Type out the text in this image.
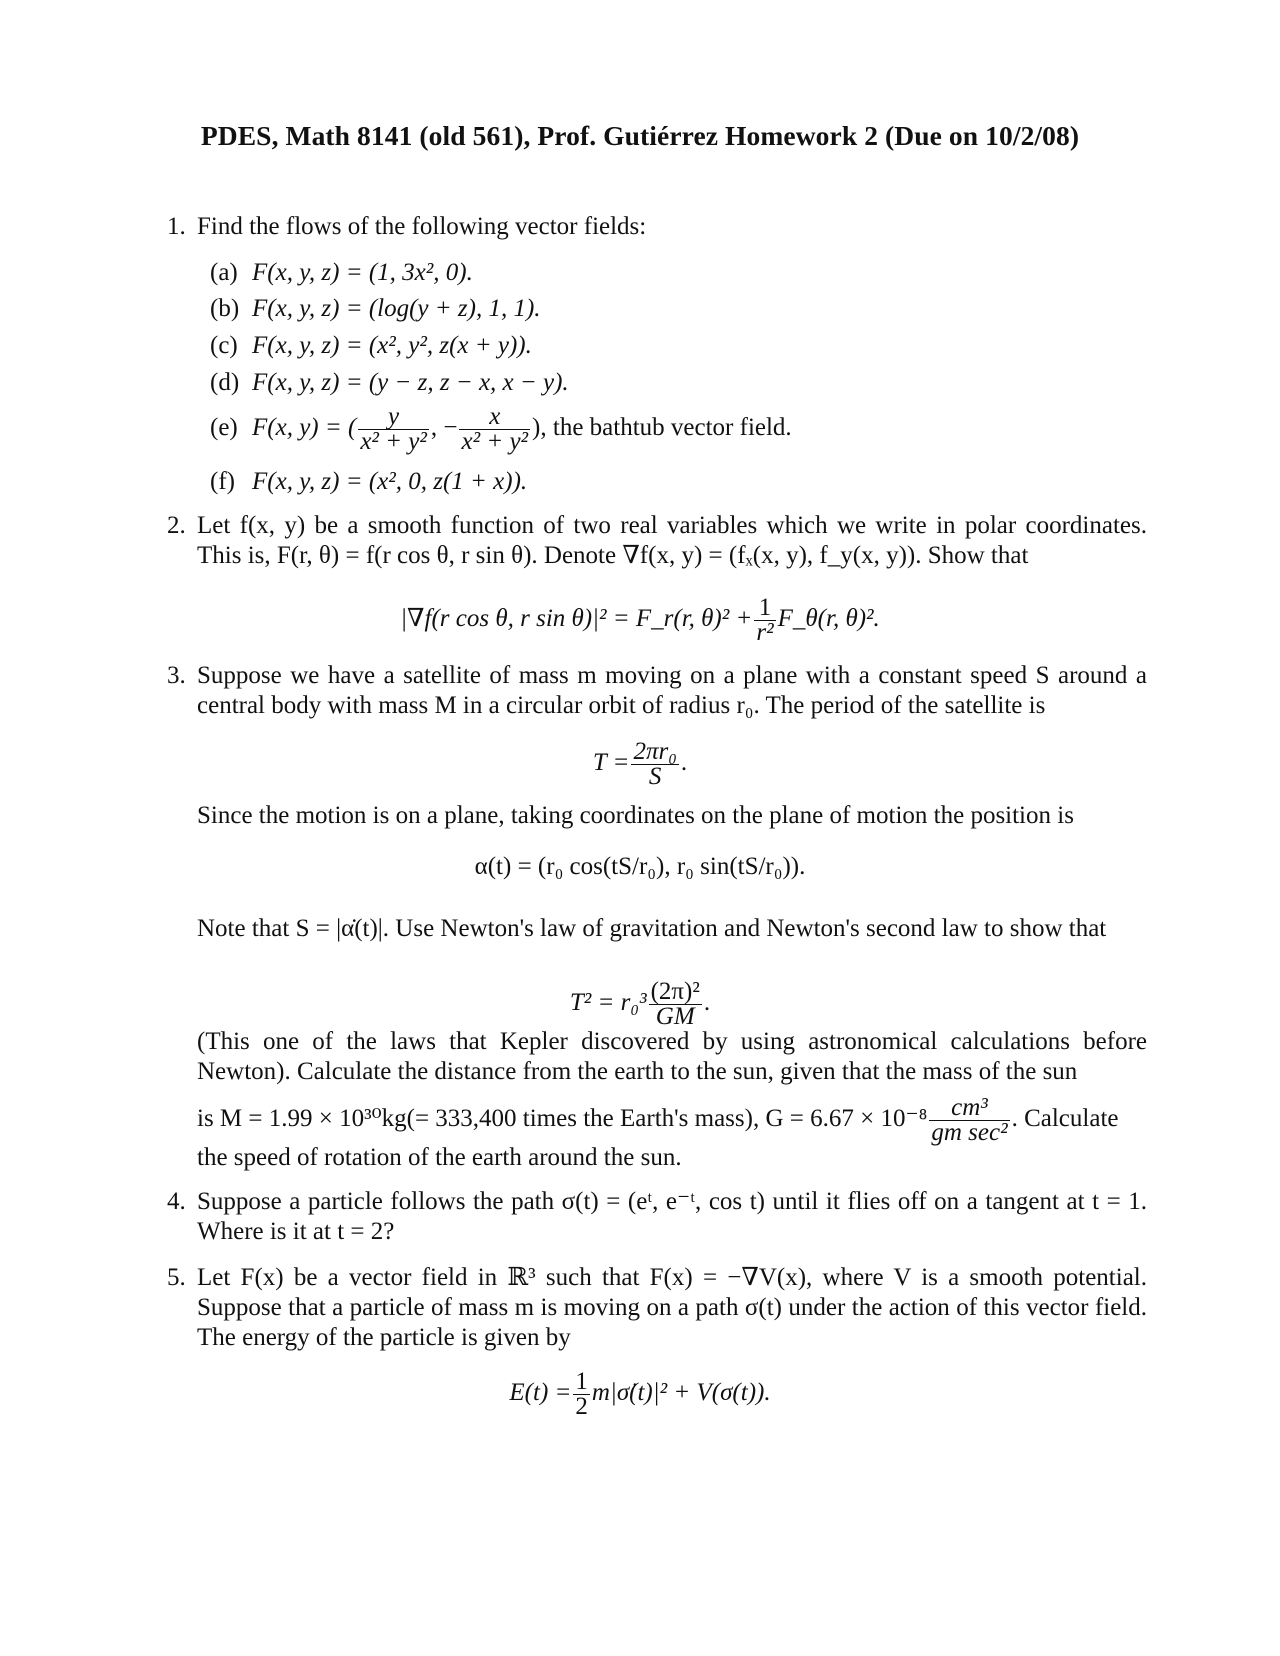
PDES, Math 8141 (old 561), Prof. Gutiérrez Homework 2 (Due on 10/2/08)
1. Find the flows of the following vector fields:
(a) F(x, y, z) = (1, 3x², 0).
(b) F(x, y, z) = (log(y + z), 1, 1).
(c) F(x, y, z) = (x², y², z(x + y)).
(d) F(x, y, z) = (y − z, z − x, x − y).
(e) F(x, y) = ( $\frac{y}{\text{x² + y²}}$ , − $\frac{x}{\text{x² + y²}}$ ), the bathtub vector field.
(f) F(x, y, z) = (x², 0, z(1 + x)).
2. Let f(x, y) be a smooth function of two real variables which we write in polar coordinates. This is, F(r, θ) = f(r cos θ, r sin θ). Denote ∇f(x, y) = (fₓ(x, y), f_y(x, y)). Show that
|∇f(r cos θ, r sin θ)|² = F_r(r, $\theta)^2 + \frac{1}{\text{r²}}$ F_θ(r, θ)².
3. Suppose we have a satellite of mass m moving on a plane with a constant speed S around a central body with mass M in a circular orbit of radius r₀. The period of the satellite is
$T = \frac{\text{2πr₀}}{S}$ .
Since the motion is on a plane, taking coordinates on the plane of motion the position is
α(t) = (r₀ cos(tS/r₀), r₀ sin(tS/r₀)).
Note that S = |α̇(t)|. Use Newton's law of gravitation and Newton's second law to show that
$T^2 = r_0^3 \frac{\text{(2π)²}}{GM}$ .
(This one of the laws that Kepler discovered by using astronomical calculations before Newton). Calculate the distance from the earth to the sun, given that the mass of the sun
is M = 1.99 × 10³⁰kg(= 333,400 times the Earth's mass), $G = 6.67 \times 10^{-8} \frac{\text{cm³}}{\text{gm sec²}}$ . Calculate
the speed of rotation of the earth around the sun.
4. Suppose a particle follows the path σ(t) = (eᵗ, e⁻ᵗ, cos t) until it flies off on a tangent at t = 1. Where is it at t = 2?
5. Let F(x) be a vector field in ℝ³ such that F(x) = −∇V(x), where V is a smooth potential. Suppose that a particle of mass m is moving on a path σ(t) under the action of this vector field. The energy of the particle is given by
$E(t) = \frac{1}{2}$ m|σ̇(t)|² + V(σ(t)).
